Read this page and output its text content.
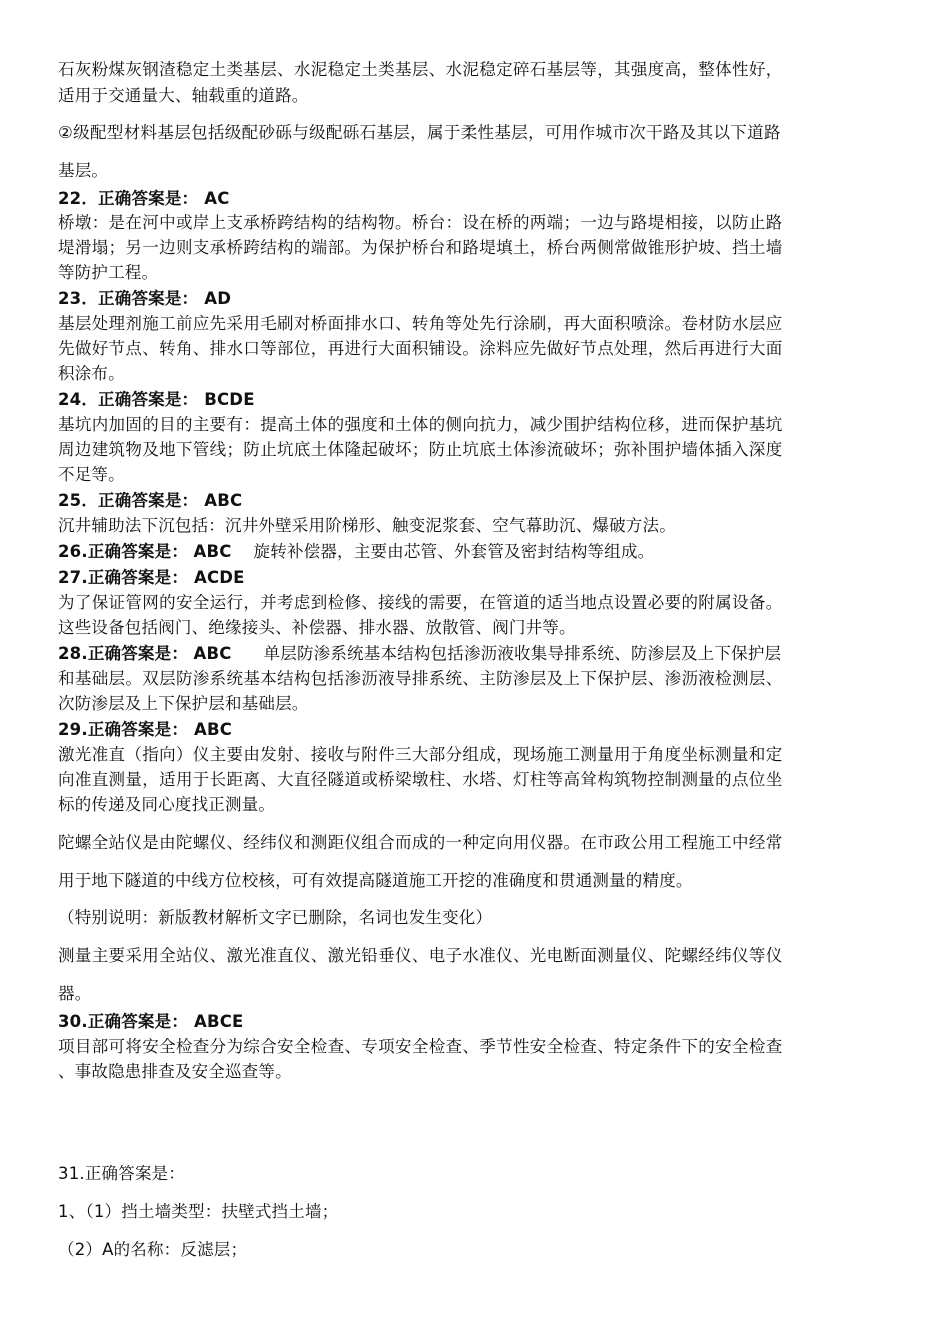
石灰粉煤灰钢渣稳定土类基层、水泥稳定土类基层、水泥稳定碎石基层等，其强度高，整体性好，
适用于交通量大、轴载重的道路。
②级配型材料基层包括级配砂砾与级配砾石基层，属于柔性基层，可用作城市次干路及其以下道路
基层。
22．正确答案是： AC
桥墩：是在河中或岸上支承桥跨结构的结构物。桥台：设在桥的两端；一边与路堤相接，以防止路
堤滑塌；另一边则支承桥跨结构的端部。为保护桥台和路堤填土，桥台两侧常做锥形护坡、挡土墙
等防护工程。
23．正确答案是： AD
基层处理剂施工前应先采用毛刷对桥面排水口、转角等处先行涂刷，再大面积喷涂。卷材防水层应
先做好节点、转角、排水口等部位，再进行大面积铺设。涂料应先做好节点处理，然后再进行大面
积涂布。
24．正确答案是： BCDE
基坑内加固的目的主要有：提高土体的强度和土体的侧向抗力，减少围护结构位移，进而保护基坑
周边建筑物及地下管线；防止坑底土体隆起破坏；防止坑底土体渗流破坏；弥补围护墙体插入深度
不足等。
25．正确答案是： ABC
沉井辅助法下沉包括：沉井外壁采用阶梯形、触变泥浆套、空气幕助沉、爆破方法。
26.正确答案是： ABC 旋转补偿器，主要由芯管、外套管及密封结构等组成。
27.正确答案是： ACDE
为了保证管网的安全运行，并考虑到检修、接线的需要，在管道的适当地点设置必要的附属设备。
这些设备包括阀门、绝缘接头、补偿器、排水器、放散管、阀门井等。
28.正确答案是： ABC 单层防渗系统基本结构包括渗沥液收集导排系统、防渗层及上下保护层
和基础层。双层防渗系统基本结构包括渗沥液导排系统、主防渗层及上下保护层、渗沥液检测层、
次防渗层及上下保护层和基础层。
29.正确答案是： ABC
激光准直（指向）仪主要由发射、接收与附件三大部分组成，现场施工测量用于角度坐标测量和定
向准直测量，适用于长距离、大直径隧道或桥梁墩柱、水塔、灯柱等高耸构筑物控制测量的点位坐
标的传递及同心度找正测量。
陀螺全站仪是由陀螺仪、经纬仪和测距仪组合而成的一种定向用仪器。在市政公用工程施工中经常
用于地下隧道的中线方位校核，可有效提高隧道施工开挖的准确度和贯通测量的精度。
（特别说明：新版教材解析文字已删除，名词也发生变化）
测量主要采用全站仪、激光准直仪、激光铅垂仪、电子水准仪、光电断面测量仪、陀螺经纬仪等仪
器。
30.正确答案是： ABCE
项目部可将安全检查分为综合安全检查、专项安全检查、季节性安全检查、特定条件下的安全检查
、事故隐患排查及安全巡查等。
31.正确答案是：
1、（1）挡土墙类型：扶壁式挡土墙；
（2）A的名称：反滤层；
